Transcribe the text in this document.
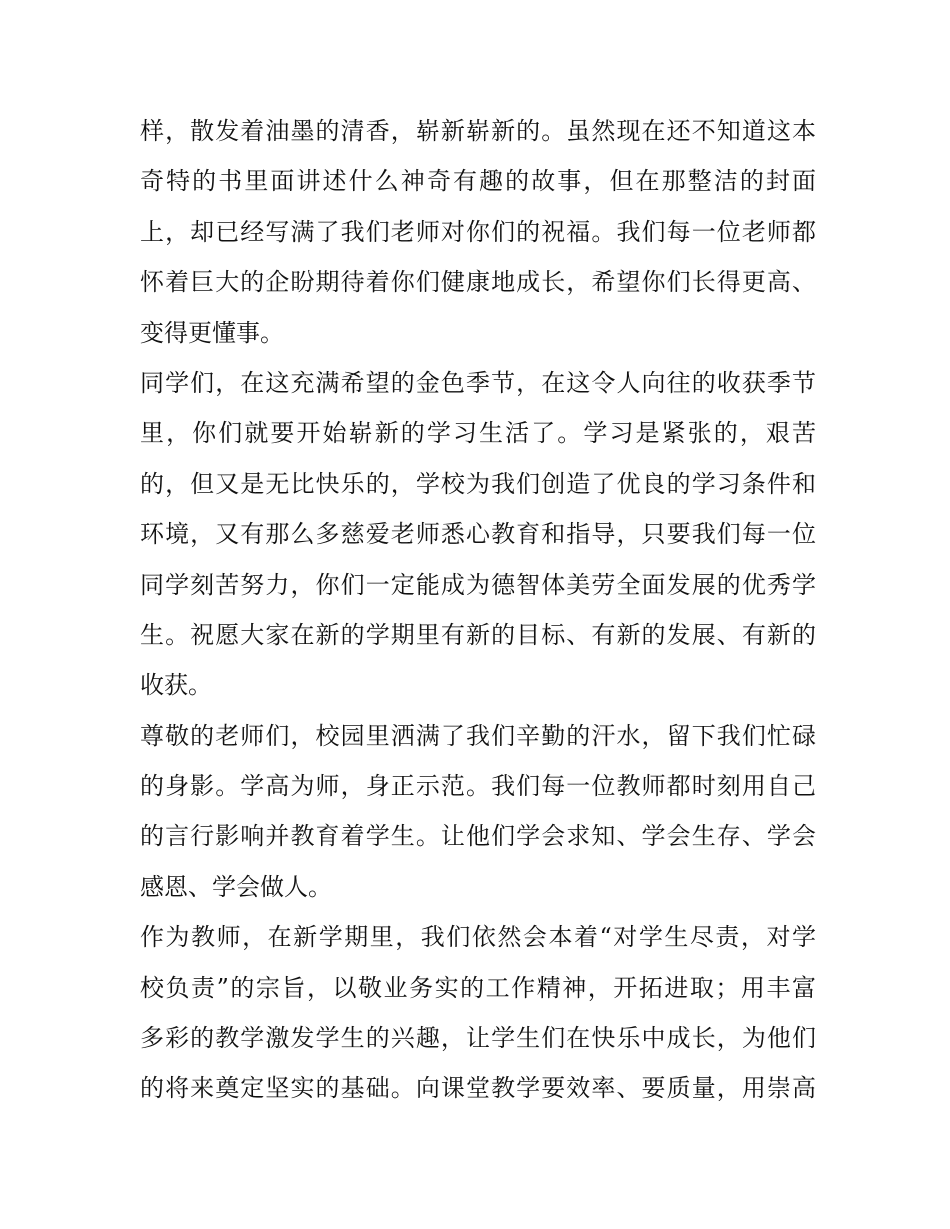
样，散发着油墨的清香，崭新崭新的。虽然现在还不知道这本
奇特的书里面讲述什么神奇有趣的故事，但在那整洁的封面
上，却已经写满了我们老师对你们的祝福。我们每一位老师都
怀着巨大的企盼期待着你们健康地成长，希望你们长得更高、
变得更懂事。
同学们，在这充满希望的金色季节，在这令人向往的收获季节
里，你们就要开始崭新的学习生活了。学习是紧张的，艰苦
的，但又是无比快乐的，学校为我们创造了优良的学习条件和
环境，又有那么多慈爱老师悉心教育和指导，只要我们每一位
同学刻苦努力，你们一定能成为德智体美劳全面发展的优秀学
生。祝愿大家在新的学期里有新的目标、有新的发展、有新的
收获。
尊敬的老师们，校园里洒满了我们辛勤的汗水，留下我们忙碌
的身影。学高为师，身正示范。我们每一位教师都时刻用自己
的言行影响并教育着学生。让他们学会求知、学会生存、学会
感恩、学会做人。
作为教师，在新学期里，我们依然会本着“对学生尽责，对学
校负责”的宗旨，以敬业务实的工作精神，开拓进取；用丰富
多彩的教学激发学生的兴趣，让学生们在快乐中成长，为他们
的将来奠定坚实的基础。向课堂教学要效率、要质量，用崇高
